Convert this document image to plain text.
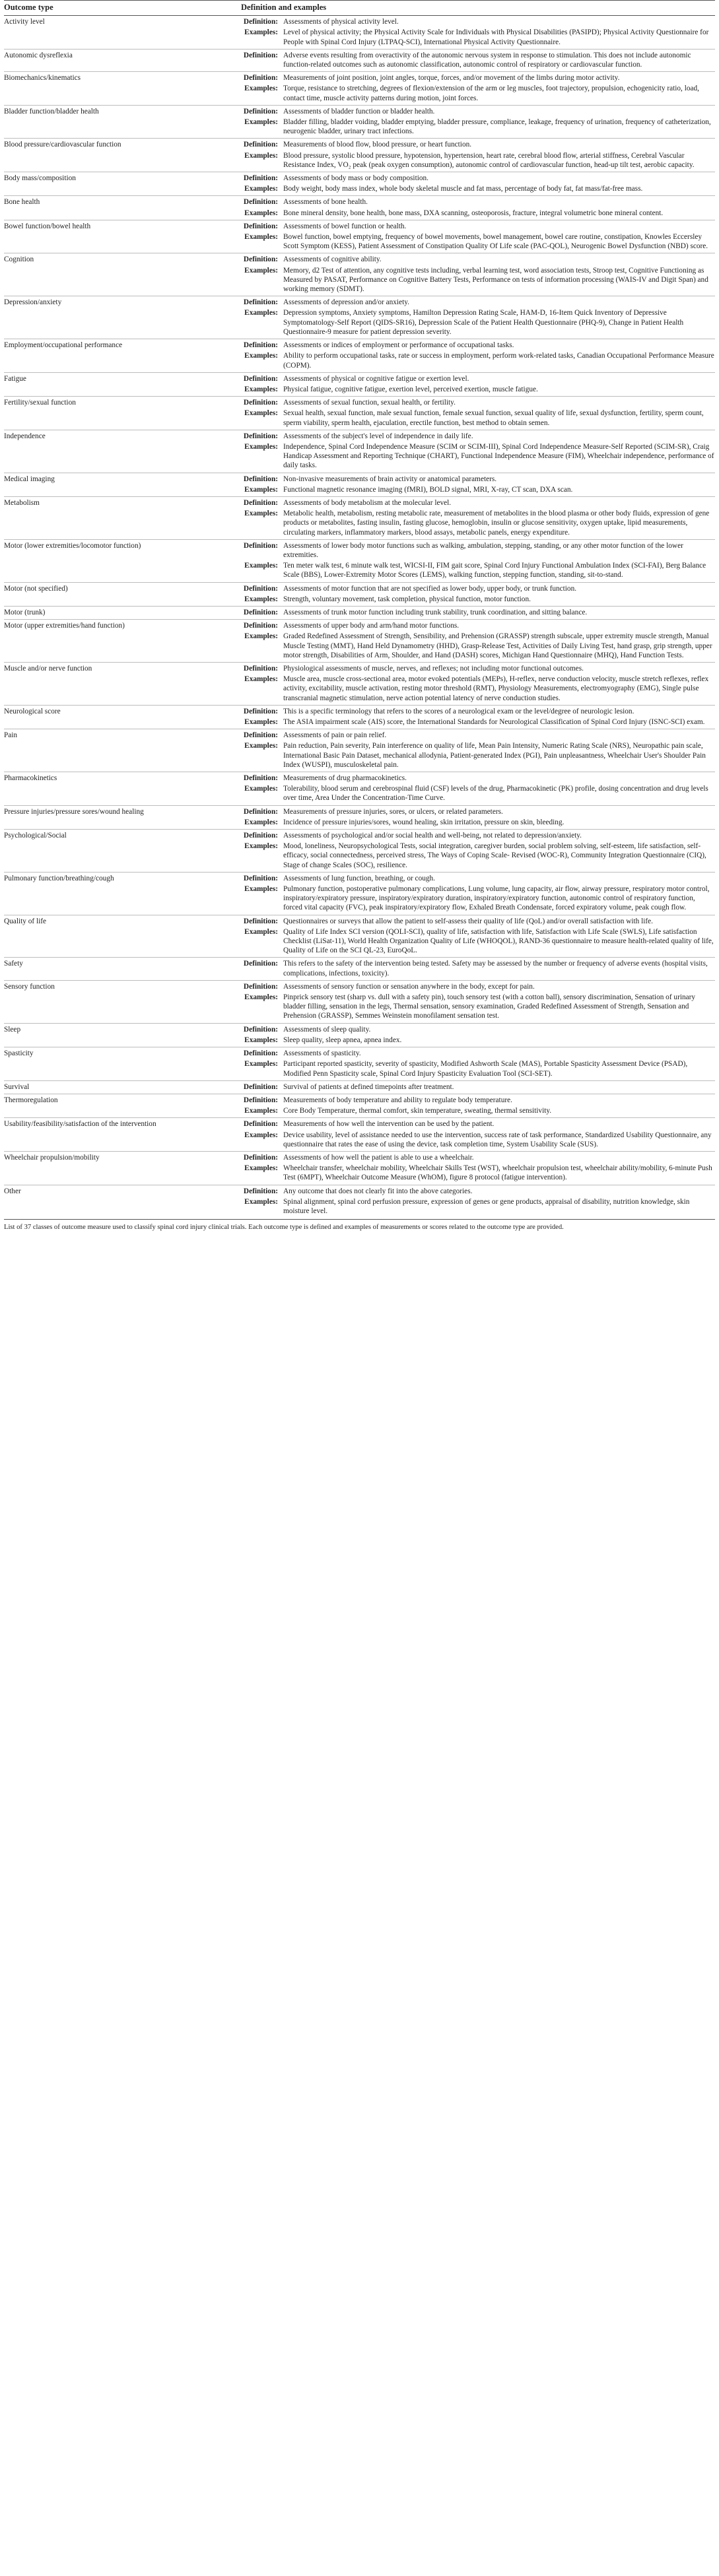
Outcome type	Definition and examples
Activity level	Definition: Assessments of physical activity level.
Examples: Level of physical activity; the Physical Activity Scale for Individuals with Physical Disabilities (PASIPD); Physical Activity Questionnaire for People with Spinal Cord Injury (LTPAQ-SCI), International Physical Activity Questionnaire.

Autonomic dysreflexia	Definition: Adverse events resulting from overactivity of the autonomic nervous system in response to stimulation. This does not include autonomic function-related outcomes such as autonomic classification, autonomic control of respiratory or cardiovascular function.

Biomechanics/kinematics	Definition: Measurements of joint position, joint angles, torque, forces, and/or movement of the limbs during motor activity.
Examples: Torque, resistance to stretching, degrees of flexion/extension of the arm or leg muscles, foot trajectory, propulsion, echogenicity ratio, load, contact time, muscle activity patterns during motion, joint forces.

Bladder function/bladder health	Definition: Assessments of bladder function or bladder health.
Examples: Bladder filling, bladder voiding, bladder emptying, bladder pressure, compliance, leakage, frequency of urination, frequency of catheterization, neurogenic bladder, urinary tract infections.

Blood pressure/cardiovascular function	Definition: Measurements of blood flow, blood pressure, or heart function.
Examples: Blood pressure, systolic blood pressure, hypotension, hypertension, heart rate, cerebral blood flow, arterial stiffness, Cerebral Vascular Resistance Index, VO₂ peak (peak oxygen consumption), autonomic control of cardiovascular function, head-up tilt test, aerobic capacity.

Body mass/composition	Definition: Assessments of body mass or body composition.
Examples: Body weight, body mass index, whole body skeletal muscle and fat mass, percentage of body fat, fat mass/fat-free mass.

Bone health	Definition: Assessments of bone health.
Examples: Bone mineral density, bone health, bone mass, DXA scanning, osteoporosis, fracture, integral volumetric bone mineral content.

Bowel function/bowel health	Definition: Assessments of bowel function or health.
Examples: Bowel function, bowel emptying, frequency of bowel movements, bowel management, bowel care routine, constipation, Knowles Eccersley Scott Symptom (KESS), Patient Assessment of Constipation Quality Of Life scale (PAC-QOL), Neurogenic Bowel Dysfunction (NBD) score.

Cognition	Definition: Assessments of cognitive ability.
Examples: Memory, d2 Test of attention, any cognitive tests including, verbal learning test, word association tests, Stroop test, Cognitive Functioning as Measured by PASAT, Performance on Cognitive Battery Tests, Performance on tests of information processing (WAIS-IV and Digit Span) and working memory (SDMT).

Depression/anxiety	Definition: Assessments of depression and/or anxiety.
Examples: Depression symptoms, Anxiety symptoms, Hamilton Depression Rating Scale, HAM-D, 16-Item Quick Inventory of Depressive Symptomatology-Self Report (QIDS-SR16), Depression Scale of the Patient Health Questionnaire (PHQ-9), Change in Patient Health Questionnaire-9 measure for patient depression severity.

Employment/occupational performance	Definition: Assessments or indices of employment or performance of occupational tasks.
Examples: Ability to perform occupational tasks, rate or success in employment, perform work-related tasks, Canadian Occupational Performance Measure (COPM).

Fatigue	Definition: Assessments of physical or cognitive fatigue or exertion level.
Examples: Physical fatigue, cognitive fatigue, exertion level, perceived exertion, muscle fatigue.

Fertility/sexual function	Definition: Assessments of sexual function, sexual health, or fertility.
Examples: Sexual health, sexual function, male sexual function, female sexual function, sexual quality of life, sexual dysfunction, fertility, sperm count, sperm viability, sperm health, ejaculation, erectile function, best method to obtain semen.

Independence	Definition: Assessments of the subject's level of independence in daily life.
Examples: Independence, Spinal Cord Independence Measure (SCIM or SCIM-III), Spinal Cord Independence Measure-Self Reported (SCIM-SR), Craig Handicap Assessment and Reporting Technique (CHART), Functional Independence Measure (FIM), Wheelchair independence, performance of daily tasks.

Medical imaging	Definition: Non-invasive measurements of brain activity or anatomical parameters.
Examples: Functional magnetic resonance imaging (fMRI), BOLD signal, MRI, X-ray, CT scan, DXA scan.

Metabolism	Definition: Assessments of body metabolism at the molecular level.
Examples: Metabolic health, metabolism, resting metabolic rate, measurement of metabolites in the blood plasma or other body fluids, expression of gene products or metabolites, fasting insulin, fasting glucose, hemoglobin, insulin or glucose sensitivity, oxygen uptake, lipid measurements, circulating markers, inflammatory markers, blood assays, metabolic panels, energy expenditure.

Motor (lower extremities/locomotor function)	Definition: Assessments of lower body motor functions such as walking, ambulation, stepping, standing, or any other motor function of the lower extremities.
Examples: Ten meter walk test, 6 minute walk test, WICSI-II, FIM gait score, Spinal Cord Injury Functional Ambulation Index (SCI-FAI), Berg Balance Scale (BBS), Lower-Extremity Motor Scores (LEMS), walking function, stepping function, standing, sit-to-stand.

Motor (not specified)	Definition: Assessments of motor function that are not specified as lower body, upper body, or trunk function.
Examples: Strength, voluntary movement, task completion, physical function, motor function.

Motor (trunk)	Definition: Assessments of trunk motor function including trunk stability, trunk coordination, and sitting balance.

Motor (upper extremities/hand function)	Definition: Assessments of upper body and arm/hand motor functions.
Examples: Graded Redefined Assessment of Strength, Sensibility, and Prehension (GRASSP) strength subscale, upper extremity muscle strength, Manual Muscle Testing (MMT), Hand Held Dynamometry (HHD), Grasp-Release Test, Activities of Daily Living Test, hand grasp, grip strength, upper motor strength, Disabilities of Arm, Shoulder, and Hand (DASH) scores, Michigan Hand Questionnaire (MHQ), Hand Function Tests.

Muscle and/or nerve function	Definition: Physiological assessments of muscle, nerves, and reflexes; not including motor functional outcomes.
Examples: Muscle area, muscle cross-sectional area, motor evoked potentials (MEPs), H-reflex, nerve conduction velocity, muscle stretch reflexes, reflex activity, excitability, muscle activation, resting motor threshold (RMT), Physiology Measurements, electromyography (EMG), Single pulse transcranial magnetic stimulation, nerve action potential latency of nerve conduction studies.

Neurological score	Definition: This is a specific terminology that refers to the scores of a neurological exam or the level/degree of neurologic lesion.
Examples: The ASIA impairment scale (AIS) score, the International Standards for Neurological Classification of Spinal Cord Injury (ISNC-SCI) exam.

Pain	Definition: Assessments of pain or pain relief.
Examples: Pain reduction, Pain severity, Pain interference on quality of life, Mean Pain Intensity, Numeric Rating Scale (NRS), Neuropathic pain scale, International Basic Pain Dataset, mechanical allodynia, Patient-generated Index (PGI), Pain unpleasantness, Wheelchair User's Shoulder Pain Index (WUSPI), musculoskeletal pain.

Pharmacokinetics	Definition: Measurements of drug pharmacokinetics.
Examples: Tolerability, blood serum and cerebrospinal fluid (CSF) levels of the drug, Pharmacokinetic (PK) profile, dosing concentration and drug levels over time, Area Under the Concentration-Time Curve.

Pressure injuries/pressure sores/wound healing	Definition: Measurements of pressure injuries, sores, or ulcers, or related parameters.
Examples: Incidence of pressure injuries/sores, wound healing, skin irritation, pressure on skin, bleeding.

Psychological/Social	Definition: Assessments of psychological and/or social health and well-being, not related to depression/anxiety.
Examples: Mood, loneliness, Neuropsychological Tests, social integration, caregiver burden, social problem solving, self-esteem, life satisfaction, self-efficacy, social connectedness, perceived stress, The Ways of Coping Scale- Revised (WOC-R), Community Integration Questionnaire (CIQ), Stage of change Scales (SOC), resilience.

Pulmonary function/breathing/cough	Definition: Assessments of lung function, breathing, or cough.
Examples: Pulmonary function, postoperative pulmonary complications, Lung volume, lung capacity, air flow, airway pressure, respiratory motor control, inspiratory/expiratory pressure, inspiratory/expiratory duration, inspiratory/expiratory function, autonomic control of respiratory function, forced vital capacity (FVC), peak inspiratory/expiratory flow, Exhaled Breath Condensate, forced expiratory volume, peak cough flow.

Quality of life	Definition: Questionnaires or surveys that allow the patient to self-assess their quality of life (QoL) and/or overall satisfaction with life.
Examples: Quality of Life Index SCI version (QOLI-SCI), quality of life, satisfaction with life, Satisfaction with Life Scale (SWLS), Life satisfaction Checklist (LiSat-11), World Health Organization Quality of Life (WHOQOL), RAND-36 questionnaire to measure health-related quality of life, Quality of Life on the SCI QL-23, EuroQoL.

Safety	Definition: This refers to the safety of the intervention being tested. Safety may be assessed by the number or frequency of adverse events (hospital visits, complications, infections, toxicity).

Sensory function	Definition: Assessments of sensory function or sensation anywhere in the body, except for pain.
Examples: Pinprick sensory test (sharp vs. dull with a safety pin), touch sensory test (with a cotton ball), sensory discrimination, Sensation of urinary bladder filling, sensation in the legs, Thermal sensation, sensory examination, Graded Redefined Assessment of Strength, Sensation and Prehension (GRASSP), Semmes Weinstein monofilament sensation test.

Sleep	Definition: Assessments of sleep quality.
Examples: Sleep quality, sleep apnea, apnea index.

Spasticity	Definition: Assessments of spasticity.
Examples: Participant reported spasticity, severity of spasticity, Modified Ashworth Scale (MAS), Portable Spasticity Assessment Device (PSAD), Modified Penn Spasticity scale, Spinal Cord Injury Spasticity Evaluation Tool (SCI-SET).

Survival	Definition: Survival of patients at defined timepoints after treatment.

Thermoregulation	Definition: Measurements of body temperature and ability to regulate body temperature.
Examples: Core Body Temperature, thermal comfort, skin temperature, sweating, thermal sensitivity.

Usability/feasibility/satisfaction of the intervention	Definition: Measurements of how well the intervention can be used by the patient.
Examples: Device usability, level of assistance needed to use the intervention, success rate of task performance, Standardized Usability Questionnaire, any questionnaire that rates the ease of using the device, task completion time, System Usability Scale (SUS).

Wheelchair propulsion/mobility	Definition: Assessments of how well the patient is able to use a wheelchair.
Examples: Wheelchair transfer, wheelchair mobility, Wheelchair Skills Test (WST), wheelchair propulsion test, wheelchair ability/mobility, 6-minute Push Test (6MPT), Wheelchair Outcome Measure (WhOM), figure 8 protocol (fatigue intervention).

Other	Definition: Any outcome that does not clearly fit into the above categories.
Examples: Spinal alignment, spinal cord perfusion pressure, expression of genes or gene products, appraisal of disability, nutrition knowledge, skin moisture level.
List of 37 classes of outcome measure used to classify spinal cord injury clinical trials. Each outcome type is defined and examples of measurements or scores related to the outcome type are provided.
